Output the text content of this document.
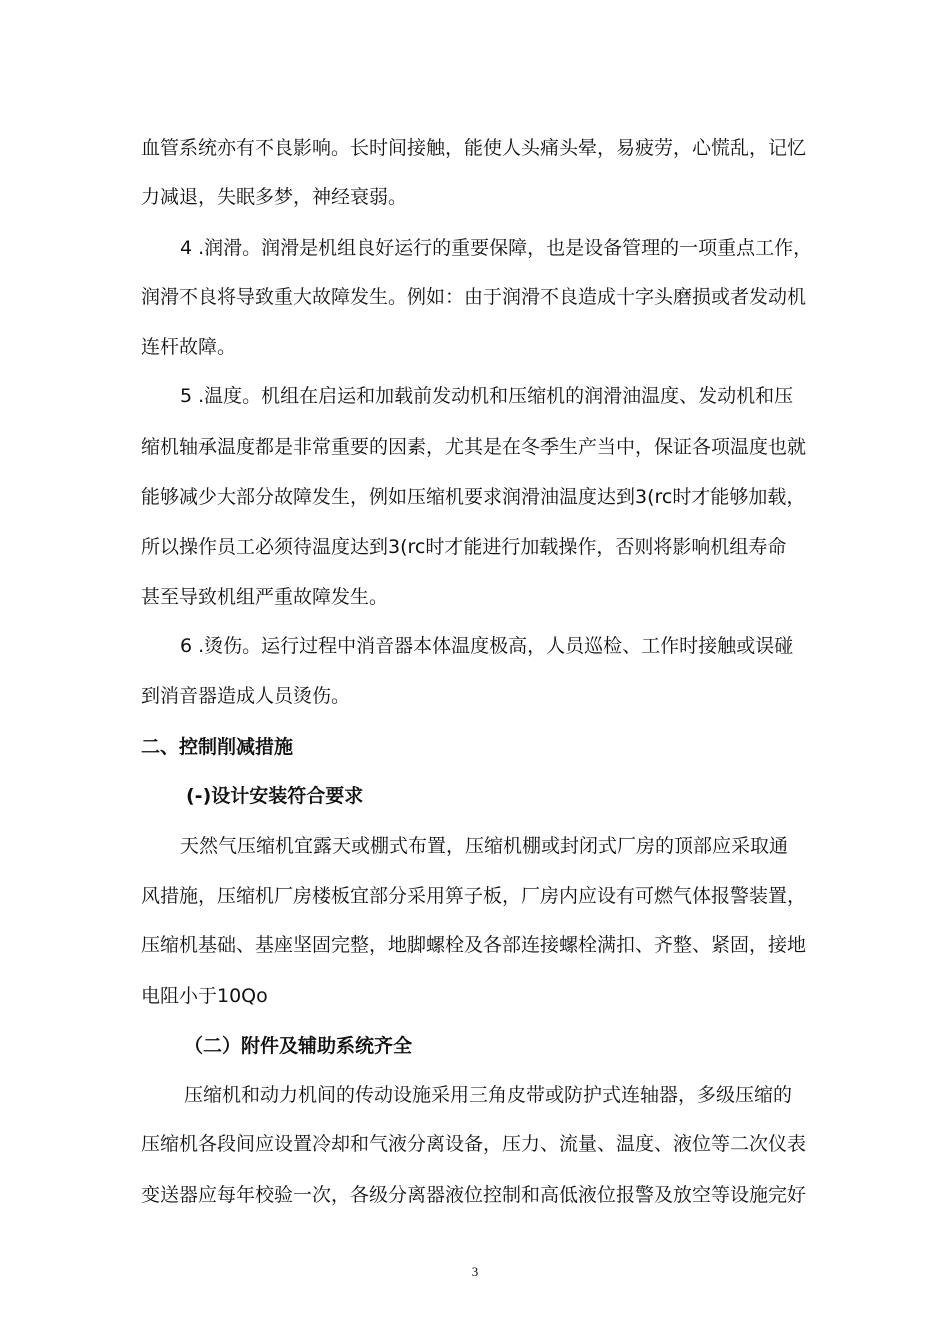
血管系统亦有不良影响。长时间接触，能使人头痛头晕，易疲劳，心慌乱，记忆
力减退，失眠多梦，神经衰弱。
4 .润滑。润滑是机组良好运行的重要保障，也是设备管理的一项重点工作，
润滑不良将导致重大故障发生。例如：由于润滑不良造成十字头磨损或者发动机
连杆故障。
5 .温度。机组在启运和加载前发动机和压缩机的润滑油温度、发动机和压
缩机轴承温度都是非常重要的因素，尤其是在冬季生产当中，保证各项温度也就
能够减少大部分故障发生，例如压缩机要求润滑油温度达到3(rc时才能够加载，
所以操作员工必须待温度达到3(rc时才能进行加载操作，否则将影响机组寿命
甚至导致机组严重故障发生。
6 .烫伤。运行过程中消音器本体温度极高，人员巡检、工作时接触或误碰
到消音器造成人员烫伤。
二、控制削减措施
(-)设计安装符合要求
天然气压缩机宜露天或棚式布置，压缩机棚或封闭式厂房的顶部应采取通
风措施，压缩机厂房楼板宜部分采用箅子板，厂房内应设有可燃气体报警装置，
压缩机基础、基座坚固完整，地脚螺栓及各部连接螺栓满扣、齐整、紧固，接地
电阻小于10Qo
（二）附件及辅助系统齐全
压缩机和动力机间的传动设施采用三角皮带或防护式连轴器，多级压缩的
压缩机各段间应设置冷却和气液分离设备，压力、流量、温度、液位等二次仪表
变送器应每年校验一次，各级分离器液位控制和高低液位报警及放空等设施完好
3
